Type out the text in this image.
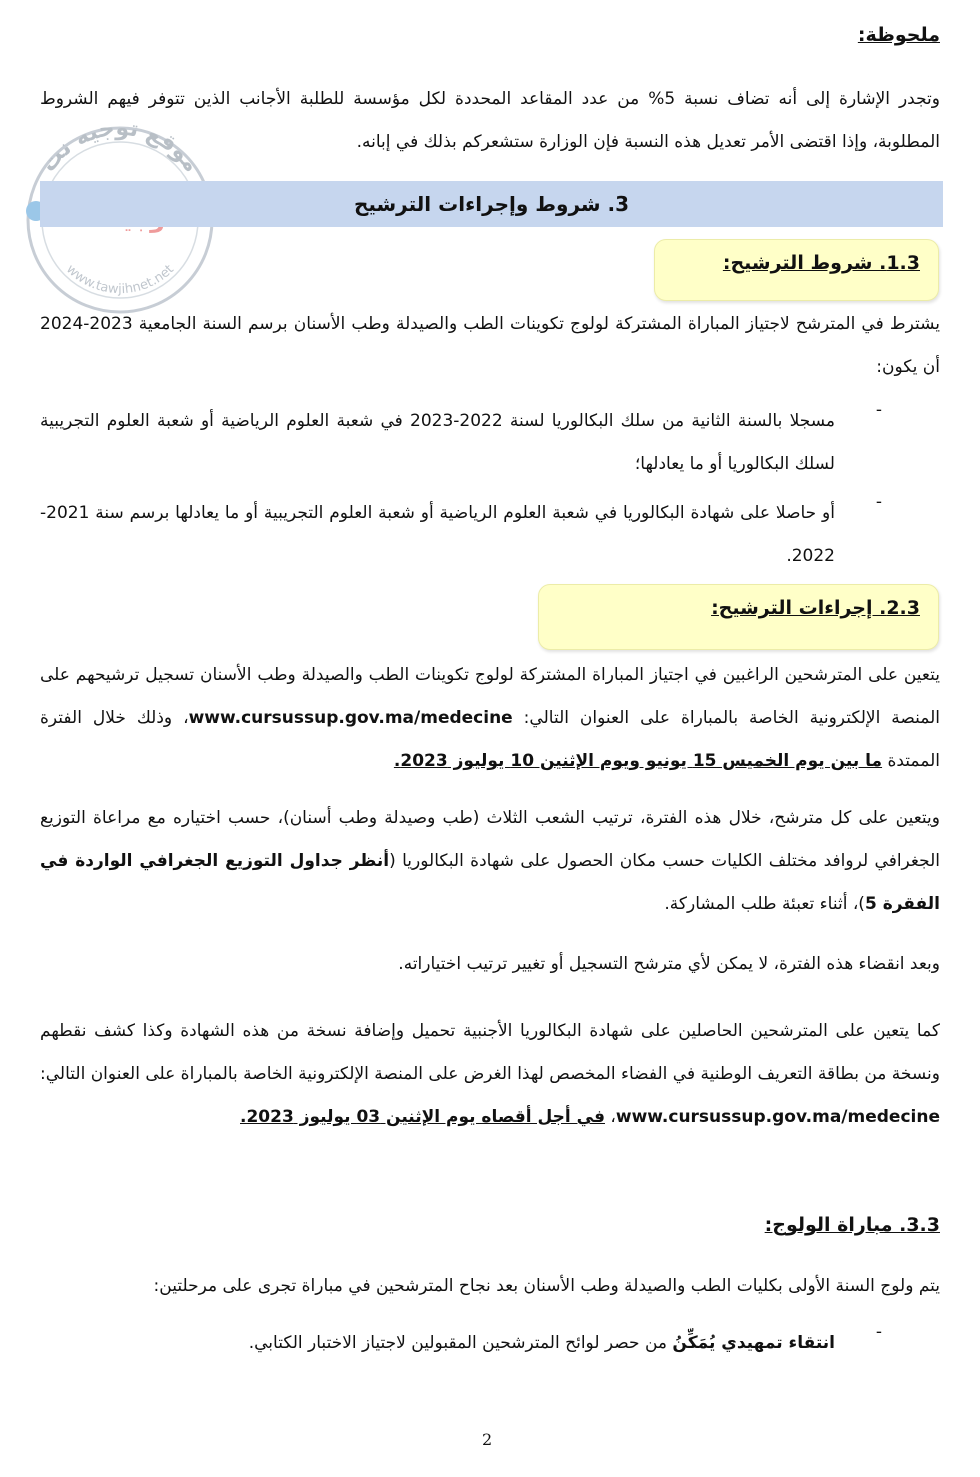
موقع توجيه نت
www.tawjihnet.net
ملحوظة:
وتجدر الإشارة إلى أنه تضاف نسبة 5% من عدد المقاعد المحددة لكل مؤسسة للطلبة الأجانب الذين تتوفر فيهم الشروط المطلوبة، وإذا اقتضى الأمر تعديل هذه النسبة فإن الوزارة ستشعركم بذلك في إبانه.
3. شروط وإجراءات الترشيح
1.3. شروط الترشيح:
يشترط في المترشح لاجتياز المباراة المشتركة لولوج تكوينات الطب والصيدلة وطب الأسنان برسم السنة الجامعية 2023-2024 أن يكون:
-
مسجلا بالسنة الثانية من سلك البكالوريا لسنة 2022-2023 في شعبة العلوم الرياضية أو شعبة العلوم التجريبية لسلك البكالوريا أو ما يعادلها؛
-
أو حاصلا على شهادة البكالوريا في شعبة العلوم الرياضية أو شعبة العلوم التجريبية أو ما يعادلها برسم سنة 2021-2022.
2.3. إجراءات الترشيح:
يتعين على المترشحين الراغبين في اجتياز المباراة المشتركة لولوج تكوينات الطب والصيدلة وطب الأسنان تسجيل ترشيحهم على المنصة الإلكترونية الخاصة بالمباراة على العنوان التالي: www.cursussup.gov.ma/medecine، وذلك خلال الفترة الممتدة ما بين يوم الخميس 15 يونيو ويوم الإثنين 10 يوليوز 2023.
ويتعين على كل مترشح، خلال هذه الفترة، ترتيب الشعب الثلاث (طب وصيدلة وطب أسنان)، حسب اختياره مع مراعاة التوزيع الجغرافي لروافد مختلف الكليات حسب مكان الحصول على شهادة البكالوريا (أنظر جداول التوزيع الجغرافي الواردة في الفقرة 5)، أثناء تعبئة طلب المشاركة.
وبعد انقضاء هذه الفترة، لا يمكن لأي مترشح التسجيل أو تغيير ترتيب اختياراته.
كما يتعين على المترشحين الحاصلين على شهادة البكالوريا الأجنبية تحميل وإضافة نسخة من هذه الشهادة وكذا كشف نقطهم ونسخة من بطاقة التعريف الوطنية في الفضاء المخصص لهذا الغرض على المنصة الإلكترونية الخاصة بالمباراة على العنوان التالي: www.cursussup.gov.ma/medecine، في أجل أقصاه يوم الإثنين 03 يوليوز 2023.
3.3. مباراة الولوج:
يتم ولوج السنة الأولى بكليات الطب والصيدلة وطب الأسنان بعد نجاح المترشحين في مباراة تجرى على مرحلتين:
-
انتقاء تمهيدي يُمَكِّنُ من حصر لوائح المترشحين المقبولين لاجتياز الاختبار الكتابي.
2
